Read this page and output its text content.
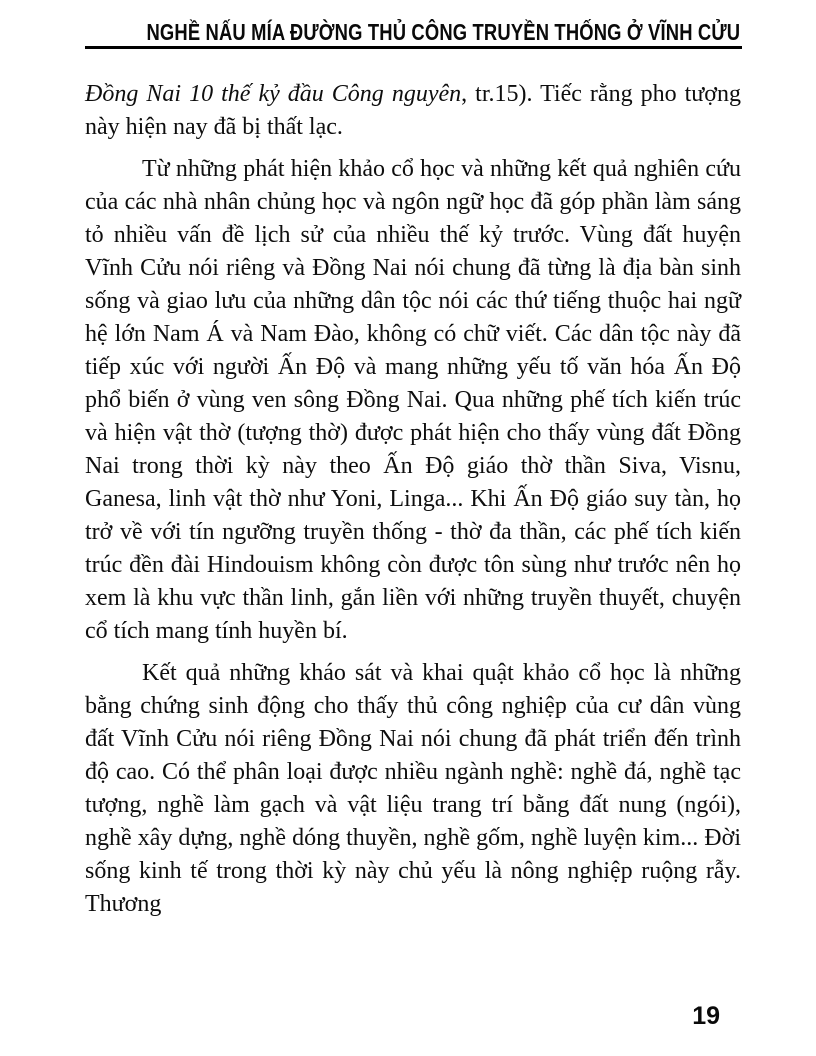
NGHỀ NẤU MÍA ĐƯỜNG THỦ CÔNG TRUYỀN THỐNG Ở VĨNH CỬU

Đồng Nai 10 thế kỷ đầu Công nguyên, tr.15). Tiếc rằng pho tượng này hiện nay đã bị thất lạc.

Từ những phát hiện khảo cổ học và những kết quả nghiên cứu của các nhà nhân chủng học và ngôn ngữ học đã góp phần làm sáng tỏ nhiều vấn đề lịch sử của nhiều thế kỷ trước. Vùng đất huyện Vĩnh Cửu nói riêng và Đồng Nai nói chung đã từng là địa bàn sinh sống và giao lưu của những dân tộc nói các thứ tiếng thuộc hai ngữ hệ lớn Nam Á và Nam Đào, không có chữ viết. Các dân tộc này đã tiếp xúc với người Ấn Độ và mang những yếu tố văn hóa Ấn Độ phổ biến ở vùng ven sông Đồng Nai. Qua những phế tích kiến trúc và hiện vật thờ (tượng thờ) được phát hiện cho thấy vùng đất Đồng Nai trong thời kỳ này theo Ấn Độ giáo thờ thần Siva, Visnu, Ganesa, linh vật thờ như Yoni, Linga... Khi Ấn Độ giáo suy tàn, họ trở về với tín ngưỡng truyền thống - thờ đa thần, các phế tích kiến trúc đền đài Hindouism không còn được tôn sùng như trước nên họ xem là khu vực thần linh, gắn liền với những truyền thuyết, chuyện cổ tích mang tính huyền bí.

Kết quả những kháo sát và khai quật khảo cổ học là những bằng chứng sinh động cho thấy thủ công nghiệp của cư dân vùng đất Vĩnh Cửu nói riêng Đồng Nai nói chung đã phát triển đến trình độ cao. Có thể phân loại được nhiều ngành nghề: nghề đá, nghề tạc tượng, nghề làm gạch và vật liệu trang trí bằng đất nung (ngói), nghề xây dựng, nghề dóng thuyền, nghề gốm, nghề luyện kim... Đời sống kinh tế trong thời kỳ này chủ yếu là nông nghiệp ruộng rẫy. Thương

19
